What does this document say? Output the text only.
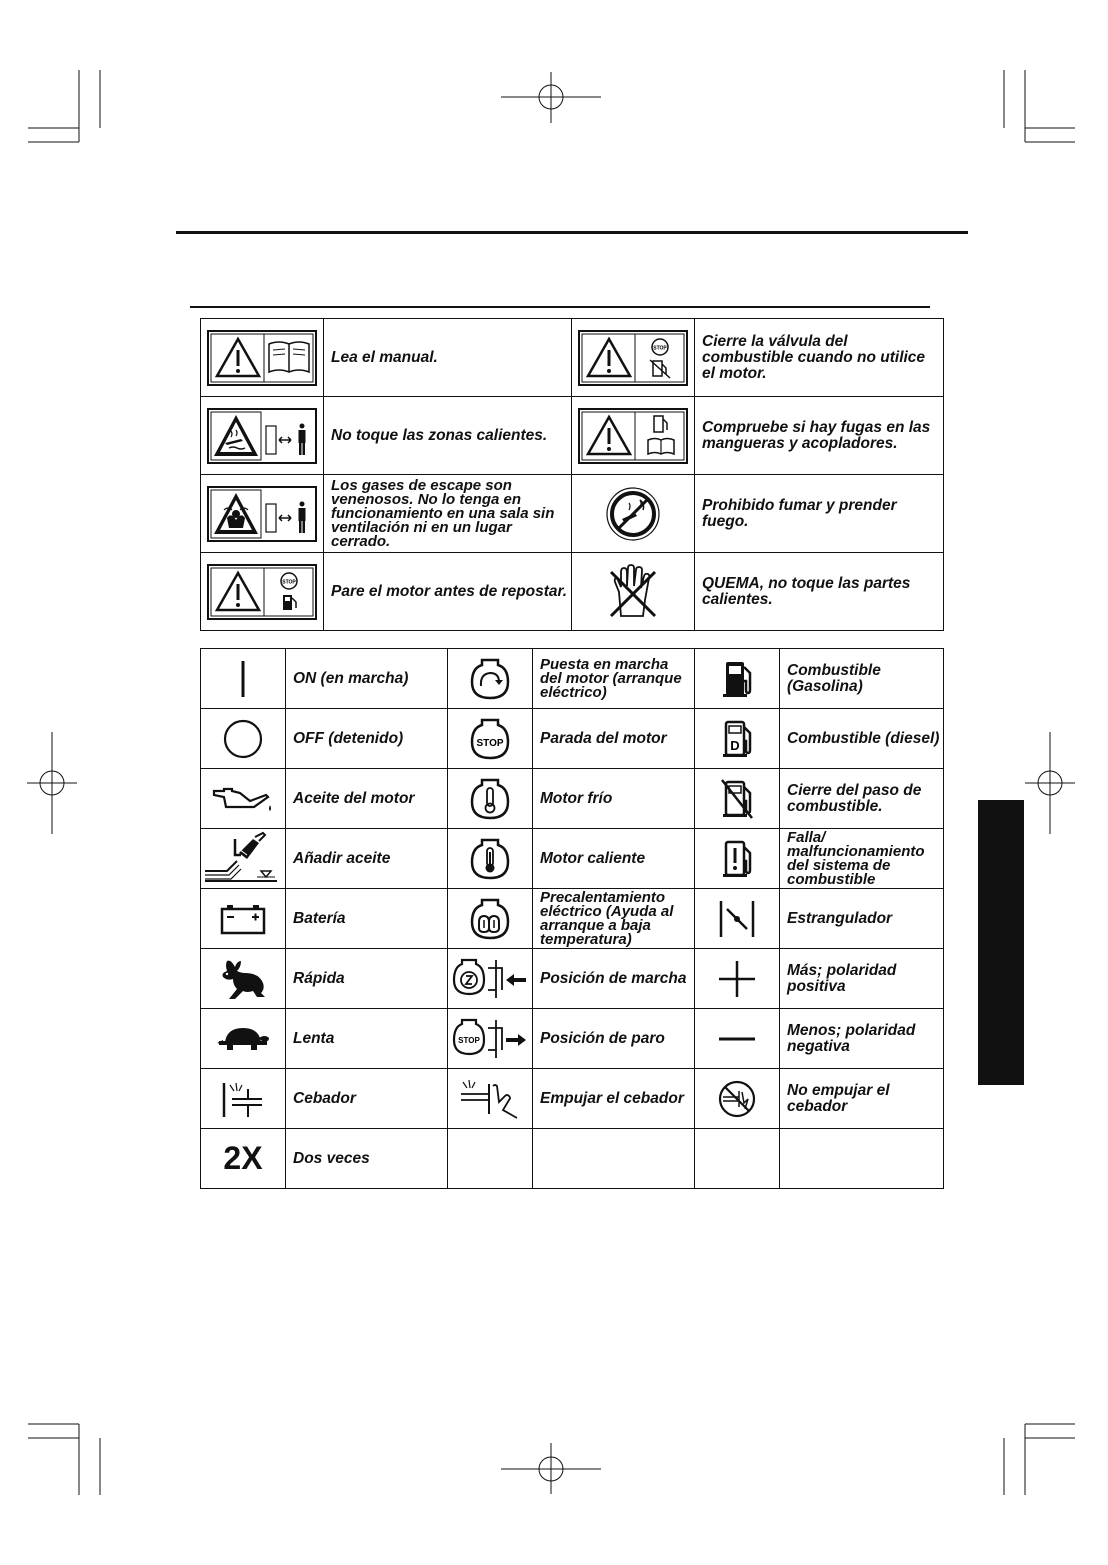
	Lea el manual.	STOP	Cierre la válvula del combustible cuando no utilice el motor.

	No toque las zonas calientes.		Compruebe si hay fugas en las mangueras y acopladores.

	Los gases de escape son venenosos. No lo tenga en funcionamiento en una sala sin ventilación ni en un lugar cerrado.		Prohibido fumar y prender fuego.

STOP	Pare el motor antes de repostar.		QUEMA, no toque las partes calientes.
	ON (en marcha)		Puesta en marcha del motor (arranque eléctrico)		Combustible (Gasolina)

	OFF (detenido)	STOP	Parada del motor	D	Combustible (diesel)

	Aceite del motor		Motor frío		Cierre del paso de combustible.

	Añadir aceite		Motor caliente		Falla/ malfuncionamiento del sistema de combustible

	Batería		Precalentamiento eléctrico (Ayuda al arranque a baja temperatura)		Estrangulador

	Rápida		Posición de marcha		Más; polaridad positiva

	Lenta	STOP	Posición de paro		Menos; polaridad negativa

	Cebador		Empujar el cebador		No empujar el cebador
2X	Dos veces				
